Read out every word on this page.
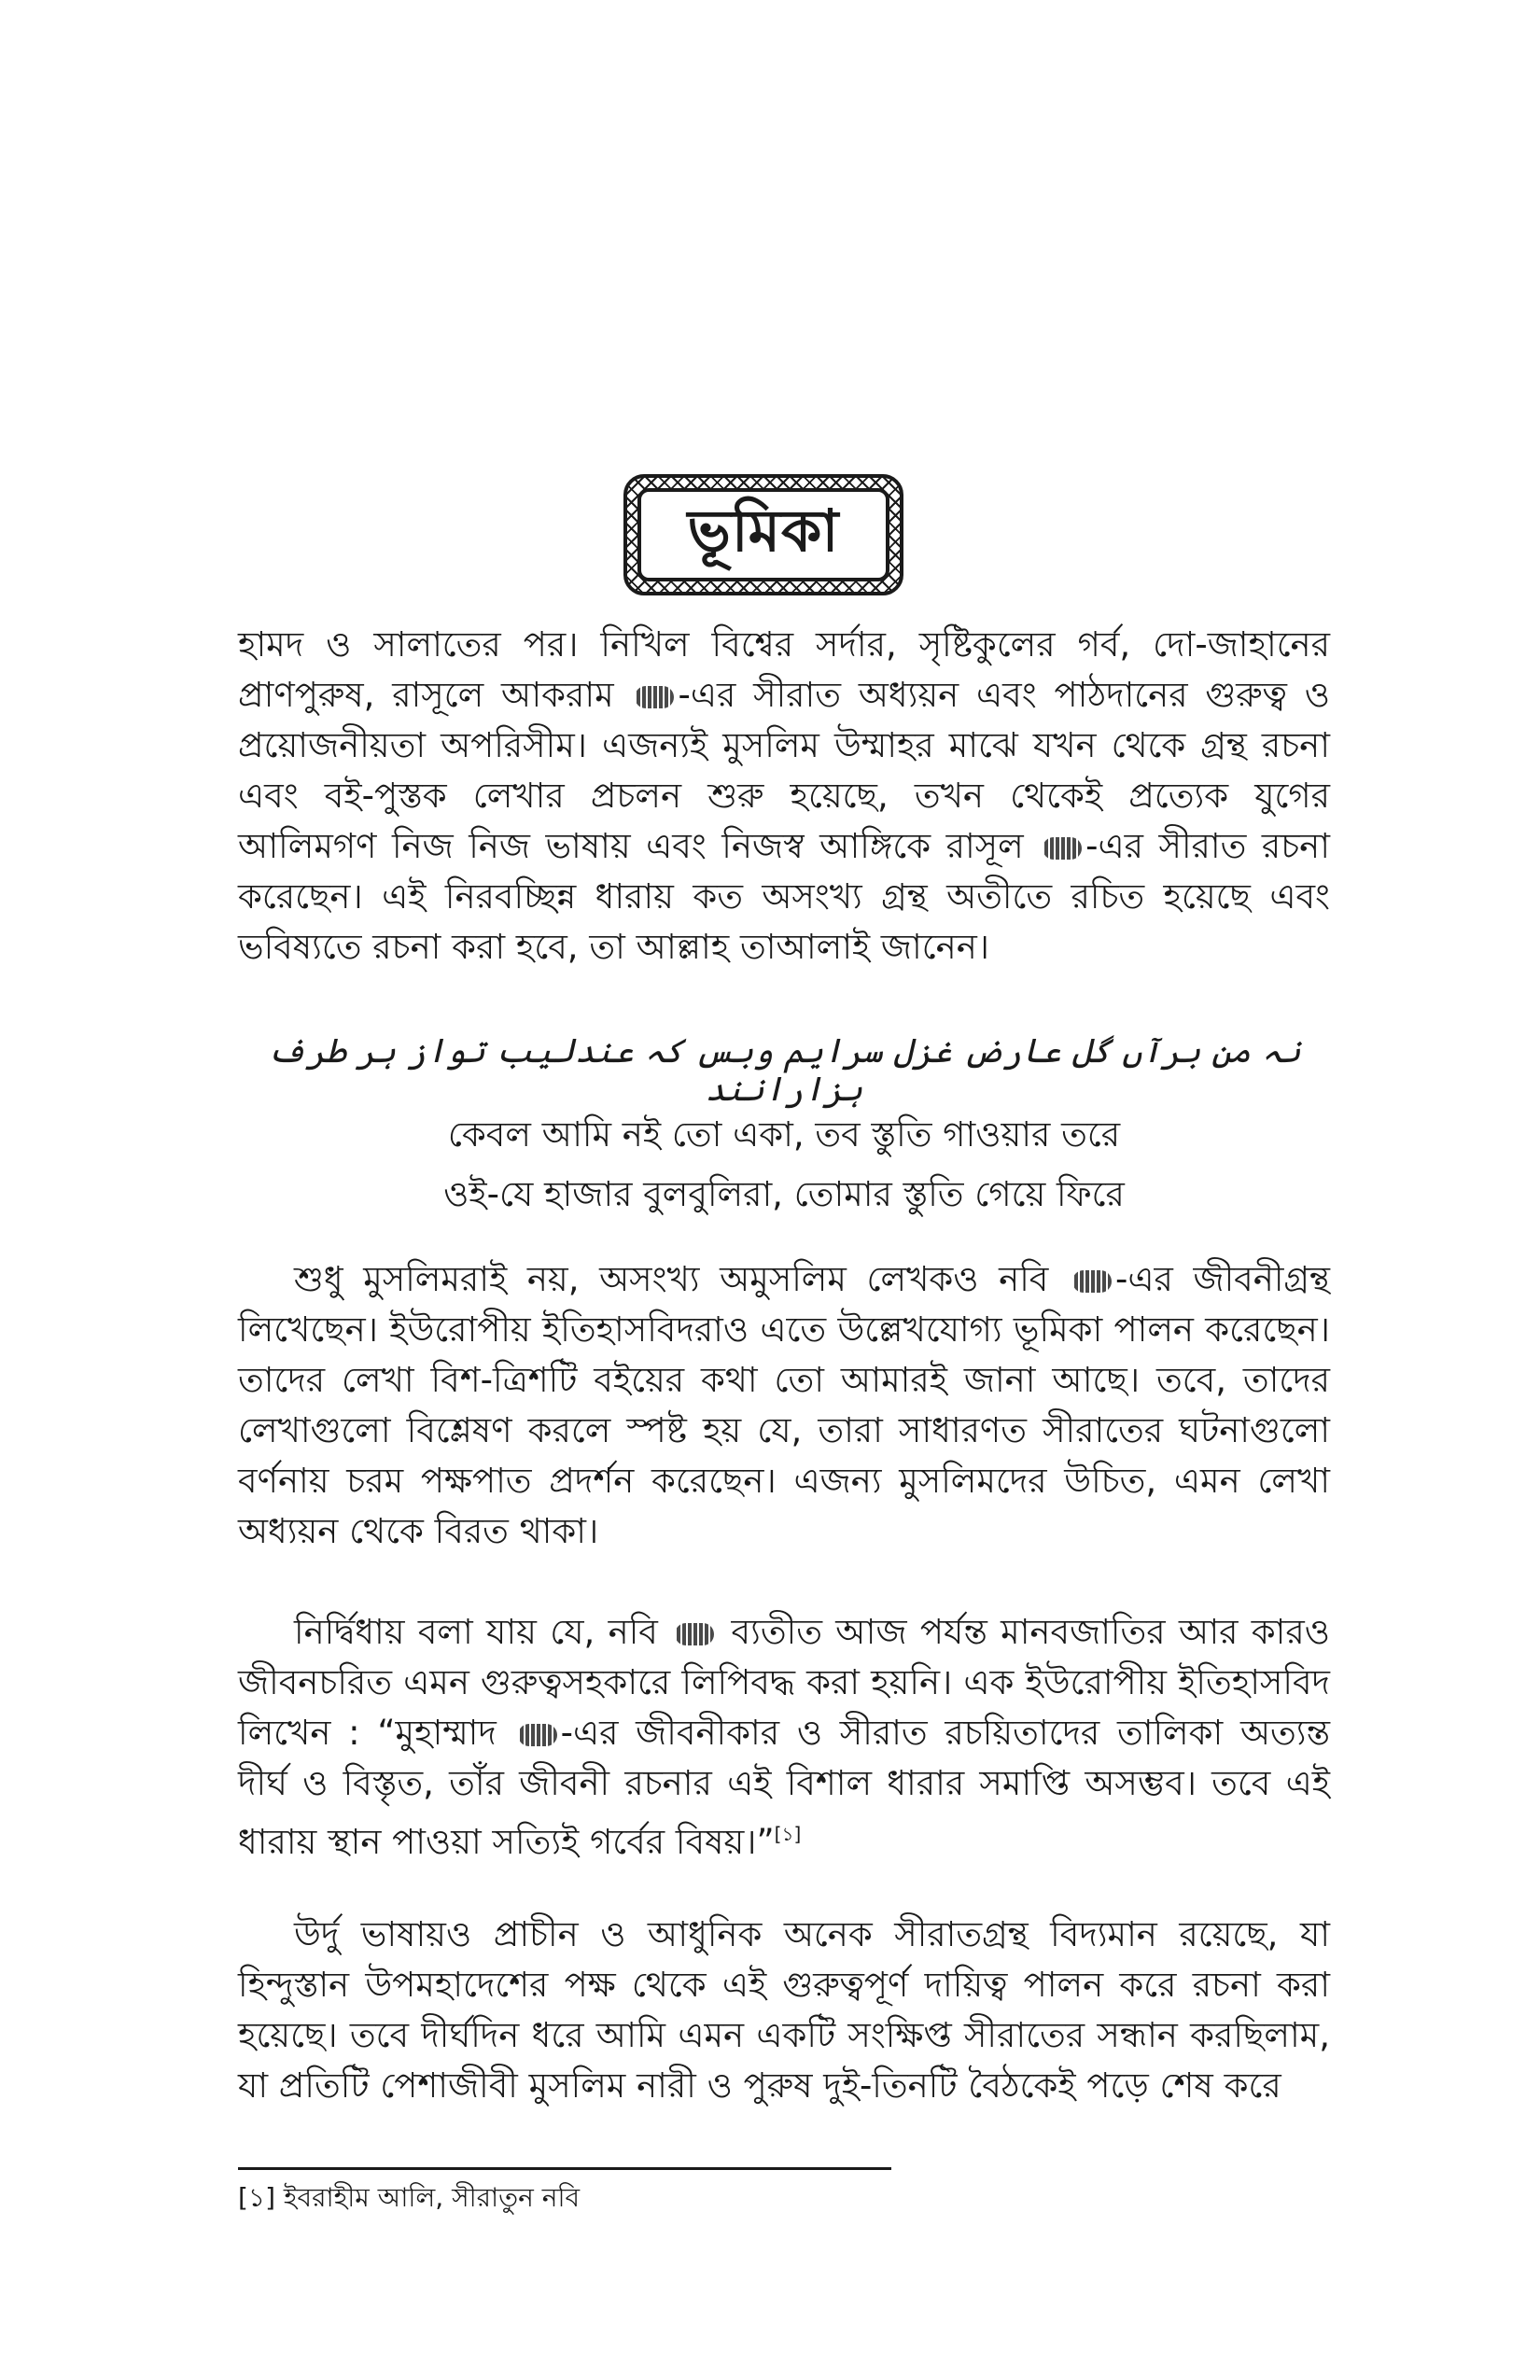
ভূমিকা

হামদ ও সালাতের পর। নিখিল বিশ্বের সর্দার, সৃষ্টিকুলের গর্ব, দো-জাহানের প্রাণপুরুষ, রাসূলে আকরাম -এর সীরাত অধ্যয়ন এবং পাঠদানের গুরুত্ব ও প্রয়োজনীয়তা অপরিসীম। এজন্যই মুসলিম উম্মাহর মাঝে যখন থেকে গ্রন্থ রচনা এবং বই-পুস্তক লেখার প্রচলন শুরু হয়েছে, তখন থেকেই প্রত্যেক যুগের আলিমগণ নিজ নিজ ভাষায় এবং নিজস্ব আঙ্গিকে রাসূল -এর সীরাত রচনা করেছেন। এই নিরবচ্ছিন্ন ধারায় কত অসংখ্য গ্রন্থ অতীতে রচিত হয়েছে এবং ভবিষ্যতে রচনা করা হবে, তা আল্লাহ তাআলাই জানেন।

نہ من برآں گل عارض غزل سرایم وبس کہ عندلیب تواز ہر طرف ہزارانند
কেবল আমি নই তো একা, তব স্তুতি গাওয়ার তরে
ওই-যে হাজার বুলবুলিরা, তোমার স্তুতি গেয়ে ফিরে

শুধু মুসলিমরাই নয়, অসংখ্য অমুসলিম লেখকও নবি -এর জীবনীগ্রন্থ লিখেছেন। ইউরোপীয় ইতিহাসবিদরাও এতে উল্লেখযোগ্য ভূমিকা পালন করেছেন। তাদের লেখা বিশ-ত্রিশটি বইয়ের কথা তো আমারই জানা আছে। তবে, তাদের লেখাগুলো বিশ্লেষণ করলে স্পষ্ট হয় যে, তারা সাধারণত সীরাতের ঘটনাগুলো বর্ণনায় চরম পক্ষপাত প্রদর্শন করেছেন। এজন্য মুসলিমদের উচিত, এমন লেখা অধ্যয়ন থেকে বিরত থাকা।

নির্দ্বিধায় বলা যায় যে, নবি  ব্যতীত আজ পর্যন্ত মানবজাতির আর কারও জীবনচরিত এমন গুরুত্বসহকারে লিপিবদ্ধ করা হয়নি। এক ইউরোপীয় ইতিহাসবিদ লিখেন : “মুহাম্মাদ -এর জীবনীকার ও সীরাত রচয়িতাদের তালিকা অত্যন্ত দীর্ঘ ও বিস্তৃত, তাঁর জীবনী রচনার এই বিশাল ধারার সমাপ্তি অসম্ভব। তবে এই ধারায় স্থান পাওয়া সত্যিই গর্বের বিষয়।”[১]

উর্দু ভাষায়ও প্রাচীন ও আধুনিক অনেক সীরাতগ্রন্থ বিদ্যমান রয়েছে, যা হিন্দুস্তান উপমহাদেশের পক্ষ থেকে এই গুরুত্বপূর্ণ দায়িত্ব পালন করে রচনা করা হয়েছে। তবে দীর্ঘদিন ধরে আমি এমন একটি সংক্ষিপ্ত সীরাতের সন্ধান করছিলাম, যা প্রতিটি পেশাজীবী মুসলিম নারী ও পুরুষ দুই-তিনটি বৈঠকেই পড়ে শেষ করে

[১] ইবরাহীম আলি, সীরাতুন নবি
